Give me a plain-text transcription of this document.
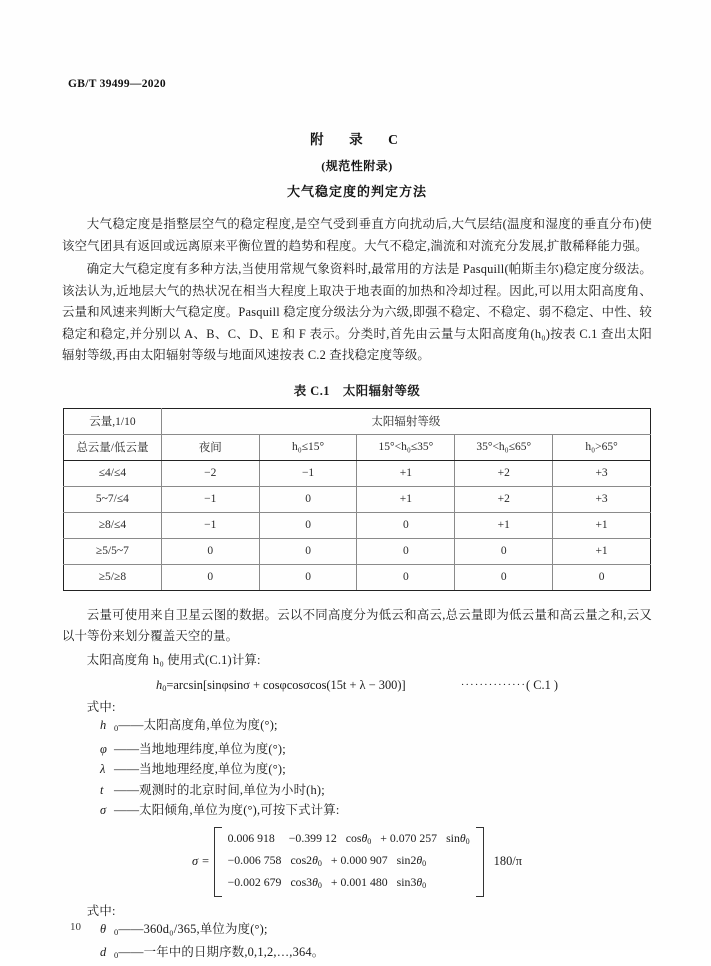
GB/T 39499—2020
附　录　C
(规范性附录)
大气稳定度的判定方法

大气稳定度是指整层空气的稳定程度,是空气受到垂直方向扰动后,大气层结(温度和湿度的垂直分布)使该空气团具有返回或远离原来平衡位置的趋势和程度。大气不稳定,湍流和对流充分发展,扩散稀释能力强。

确定大气稳定度有多种方法,当使用常规气象资料时,最常用的方法是 Pasquill(帕斯圭尔)稳定度分级法。该法认为,近地层大气的热状况在相当大程度上取决于地表面的加热和冷却过程。因此,可以用太阳高度角、云量和风速来判断大气稳定度。Pasquill 稳定度分级法分为六级,即强不稳定、不稳定、弱不稳定、中性、较稳定和稳定,并分别以 A、B、C、D、E 和 F 表示。分类时,首先由云量与太阳高度角(h₀)按表 C.1 查出太阳辐射等级,再由太阳辐射等级与地面风速按表 C.2 查找稳定度等级。

表 C.1　太阳辐射等级
云量,1/10	太阳辐射等级				
总云量/低云量	夜间	h₀≤15°	15°<h₀≤35°	35°<h₀≤65°	h₀>65°
≤4/≤4	−2	−1	+1	+2	+3
5~7/≤4	−1	0	+1	+2	+3
≥8/≤4	−1	0	0	+1	+1
≥5/5~7	0	0	0	0	+1
≥5/≥8	0	0	0	0	0

云量可使用来自卫星云图的数据。云以不同高度分为低云和高云,总云量即为低云量和高云量之和,云又以十等份来划分覆盖天空的量。

太阳高度角 h₀ 使用式(C.1)计算:

$h_0=\arcsin[\sin\varphi\sin\sigma + \cos\varphi\cos\sigma\cos(15t + \lambda - 300)]$	··············( C.1 )
式中:
h $_0$——太阳高度角,单位为度(°);
φ ——当地地理纬度,单位为度(°);
λ ——当地地理经度,单位为度(°);
t ——观测时的北京时间,单位为小时(h);
σ ——太阳倾角,单位为度(°),可按下式计算:
σ =
0.006 918 −0.399 12 cosθ$_0$ + 0.070 257 sinθ$_0$
−0.006 758 $\cos 2\theta_0 + 0.000$ 907 $\sin 2\theta_0$
−0.002 679 $\cos 3\theta_0 + 0.001$ 480 $\sin 3\theta_0$
180/π
式中:
θ $_0$——360d₀/365,单位为度(°);
d $_0$——一年中的日期序数,0,1,2,…,364。
10
